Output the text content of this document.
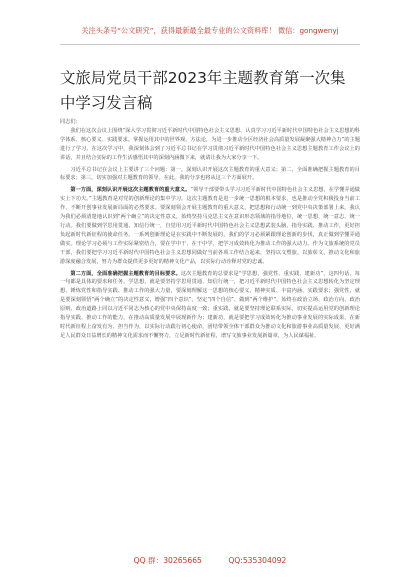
关注头条号“公文研究”，获得最新最全最专业的公文资料库！ 微信：gongwenyj
文旅局党员干部2023年主题教育第一次集中学习发言稿

同志们：

我们在这次会议上围绕“深入学习贯彻习近平新时代中国特色社会主义思想、认真学习习近平新时代中国特色社会主义思想的科学体系、核心要义、实践要求。掌握运用其中的世界观、方法论，为进一步推动全区经济社会高质量发展凝聚强大精神合力”的主题进行了学习。在这次学习中，我深刻体会到了习近平总书记在学习贯彻习近平新时代中国特色社会主义思想主题教育工作会议上的讲话，并且结合实际的工作生活感悟其中的深刻内涵微下来，就请让我为大家分享一下。

习近平总书记在会议上主要讲了三个问题：第一，深刻认识开展这次主题教育的重大意义；第二，全面准确把握主题教育的目标要求；第三，切实加强对主题教育的领导。在此，我的分享也将从这三个方面展开。

第一方面，深刻认识开展这次主题教育的重大意义。“领导干部要带头学习习近平新时代中国特色社会主义思想，在学懂弄通做实上下功夫。”主题教育是对党的创新理论的集中学习。这次主题教育是进一步统一思想的根本要求，也是推动全党积极投身当前工作、不断开创事业发展新局面的必然要求。要深刻领会开展主题教育的重大意义，把思想和行动统一到党中央决策部署上来。我认为我们必须清楚地认识到“两个确立”的决定性意义，始终坚持马克思主义在意识形态领域的指导地位，统一思想、统一意志、统一行动。我们要做到学思用贯通、知信行统一，自觉用习近平新时代中国特色社会主义思想武装头脑、指导实践、推动工作，更好担负起新时代新征程的使命任务。一系列创新理论是在实践中不断发展的，我们的学习必须紧跟理论创新的步伐，真正做到学懂弄通做实。理论学习必须与工作实际紧密结合，要在学中干、在干中学，把学习成效转化为推动工作的强大动力。作为文旅系统的党员干部，我们要把学习习近平新时代中国特色社会主义思想同做好当前各项工作结合起来，坚持以文塑旅、以旅彰文，推动文化和旅游深度融合发展，努力为群众提供更多更好的精神文化产品，以实际行动诠释对党的忠诚。

第二方面，全面准确把握主题教育的目标要求。这次主题教育的总要求是“学思想、强党性、重实践、建新功”，这四句话，每一句都是具体的要求和任务。学思想，就是要坚持学思用贯通、知信行统一，把习近平新时代中国特色社会主义思想转化为坚定理想、锤炼党性和指导实践、推动工作的强大力量，要深刻理解这一思想的核心要义、精神实质、丰富内涵、实践要求；强党性，就是要深刻领悟“两个确立”的决定性意义，增强“四个意识”、坚定“四个自信”、做到“两个维护”，始终在政治立场、政治方向、政治原则、政治道路上同以习近平同志为核心的党中央保持高度一致；重实践，就是要坚持理论联系实际，切实提高运用党的创新理论指导实践、推动工作的能力，在推动高质量发展中展现新作为；建新功，就是要把学习成效转化为推动事业发展的实际成果，在新时代新征程上奋发有为、担当作为，以实际行动践行初心使命，团结带领全体干部群众为推动文化和旅游事业高质量发展、更好满足人民群众日益增长的精神文化需求而不懈努力，立足新时代新征程，谱写文旅事业发展新篇章，为人民谋福祉。

QQ 群：30265665	QQ:535304092
